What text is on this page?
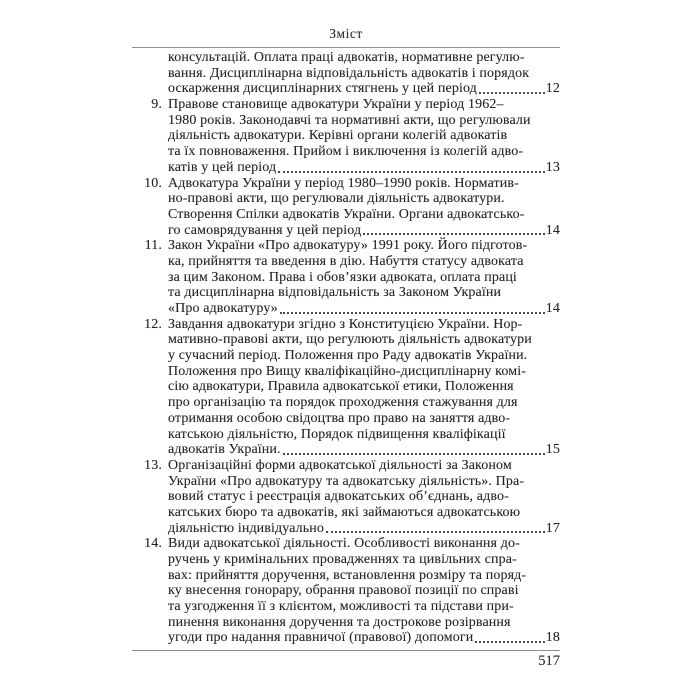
Зміст
консультацій. Оплата праці адвокатів, нормативне регулю-
вання. Дисциплінарна відповідальність адвокатів і порядок
оскарження дисциплінарних стягнень у цей період	12
9. Правове становище адвокатури України у період 1962–
1980 років. Законодавчі та нормативні акти, що регулювали
діяльність адвокатури. Керівні органи колегій адвокатів
та їх повноваження. Прийом і виключення із колегій адво-
катів у цей період	13
10. Адвокатура України у період 1980–1990 років. Норматив-
но-правові акти, що регулювали діяльність адвокатури.
Створення Спілки адвокатів України. Органи адвокатсько-
го самоврядування у цей період	14
11. Закон України «Про адвокатуру» 1991 року. Його підготов-
ка, прийняття та введення в дію. Набуття статусу адвоката
за цим Законом. Права і обов’язки адвоката, оплата праці
та дисциплінарна відповідальність за Законом України
«Про адвокатуру»	14
12. Завдання адвокатури згідно з Конституцією України. Нор-
мативно-правові акти, що регулюють діяльність адвокатури
у сучасний період. Положення про Раду адвокатів України.
Положення про Вищу кваліфікаційно-дисциплінарну комі-
сію адвокатури, Правила адвокатської етики, Положення
про організацію та порядок проходження стажування для
отримання особою свідоцтва про право на заняття адво-
катською діяльністю, Порядок підвищення кваліфікації
адвокатів України.	15
13. Організаційні форми адвокатської діяльності за Законом
України «Про адвокатуру та адвокатську діяльність». Пра-
вовий статус і реєстрація адвокатських об’єднань, адво-
катських бюро та адвокатів, які займаються адвокатською
діяльністю індивідуально	17
14. Види адвокатської діяльності. Особливості виконання до-
ручень у кримінальних провадженнях та цивільних спра-
вах: прийняття доручення, встановлення розміру та поряд-
ку внесення гонорару, обрання правової позиції по справі
та узгодження її з клієнтом, можливості та підстави при-
пинення виконання доручення та дострокове розірвання
угоди про надання правничої (правової) допомоги	18
517
